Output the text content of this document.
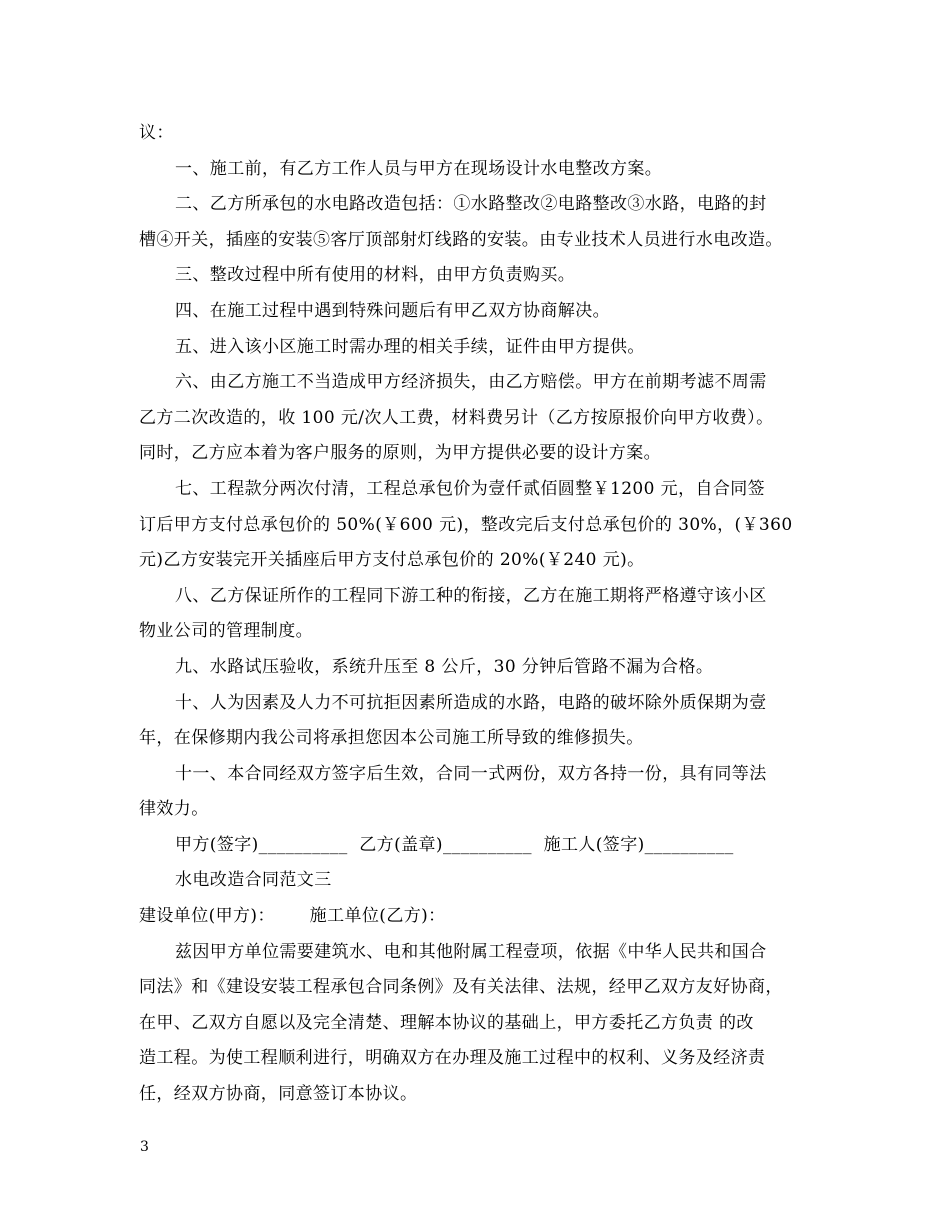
议：
一、施工前，有乙方工作人员与甲方在现场设计水电整改方案。
二、乙方所承包的水电路改造包括：①水路整改②电路整改③水路，电路的封
槽④开关，插座的安装⑤客厅顶部射灯线路的安装。由专业技术人员进行水电改造。
三、整改过程中所有使用的材料，由甲方负责购买。
四、在施工过程中遇到特殊问题后有甲乙双方协商解决。
五、进入该小区施工时需办理的相关手续，证件由甲方提供。
六、由乙方施工不当造成甲方经济损失，由乙方赔偿。甲方在前期考滤不周需
乙方二次改造的，收 100 元/次人工费，材料费另计（乙方按原报价向甲方收费）。
同时，乙方应本着为客户服务的原则，为甲方提供必要的设计方案。
七、工程款分两次付清，工程总承包价为壹仟贰佰圆整￥1200 元，自合同签
订后甲方支付总承包价的 50%(￥600 元)，整改完后支付总承包价的 30%，(￥360
元)乙方安装完开关插座后甲方支付总承包价的 20%(￥240 元)。
八、乙方保证所作的工程同下游工种的衔接，乙方在施工期将严格遵守该小区
物业公司的管理制度。
九、水路试压验收，系统升压至 8 公斤，30 分钟后管路不漏为合格。
十、人为因素及人力不可抗拒因素所造成的水路，电路的破坏除外质保期为壹
年，在保修期内我公司将承担您因本公司施工所导致的维修损失。
十一、本合同经双方签字后生效，合同一式两份，双方各持一份，具有同等法
律效力。
甲方(签字)__________ 乙方(盖章)__________ 施工人(签字)__________
水电改造合同范文三
建设单位(甲方)：      施工单位(乙方)：
兹因甲方单位需要建筑水、电和其他附属工程壹项，依据《中华人民共和国合
同法》和《建设安装工程承包合同条例》及有关法律、法规，经甲乙双方友好协商，
在甲、乙双方自愿以及完全清楚、理解本协议的基础上，甲方委托乙方负责 的改
造工程。为使工程顺利进行，明确双方在办理及施工过程中的权利、义务及经济责
任，经双方协商，同意签订本协议。
3
